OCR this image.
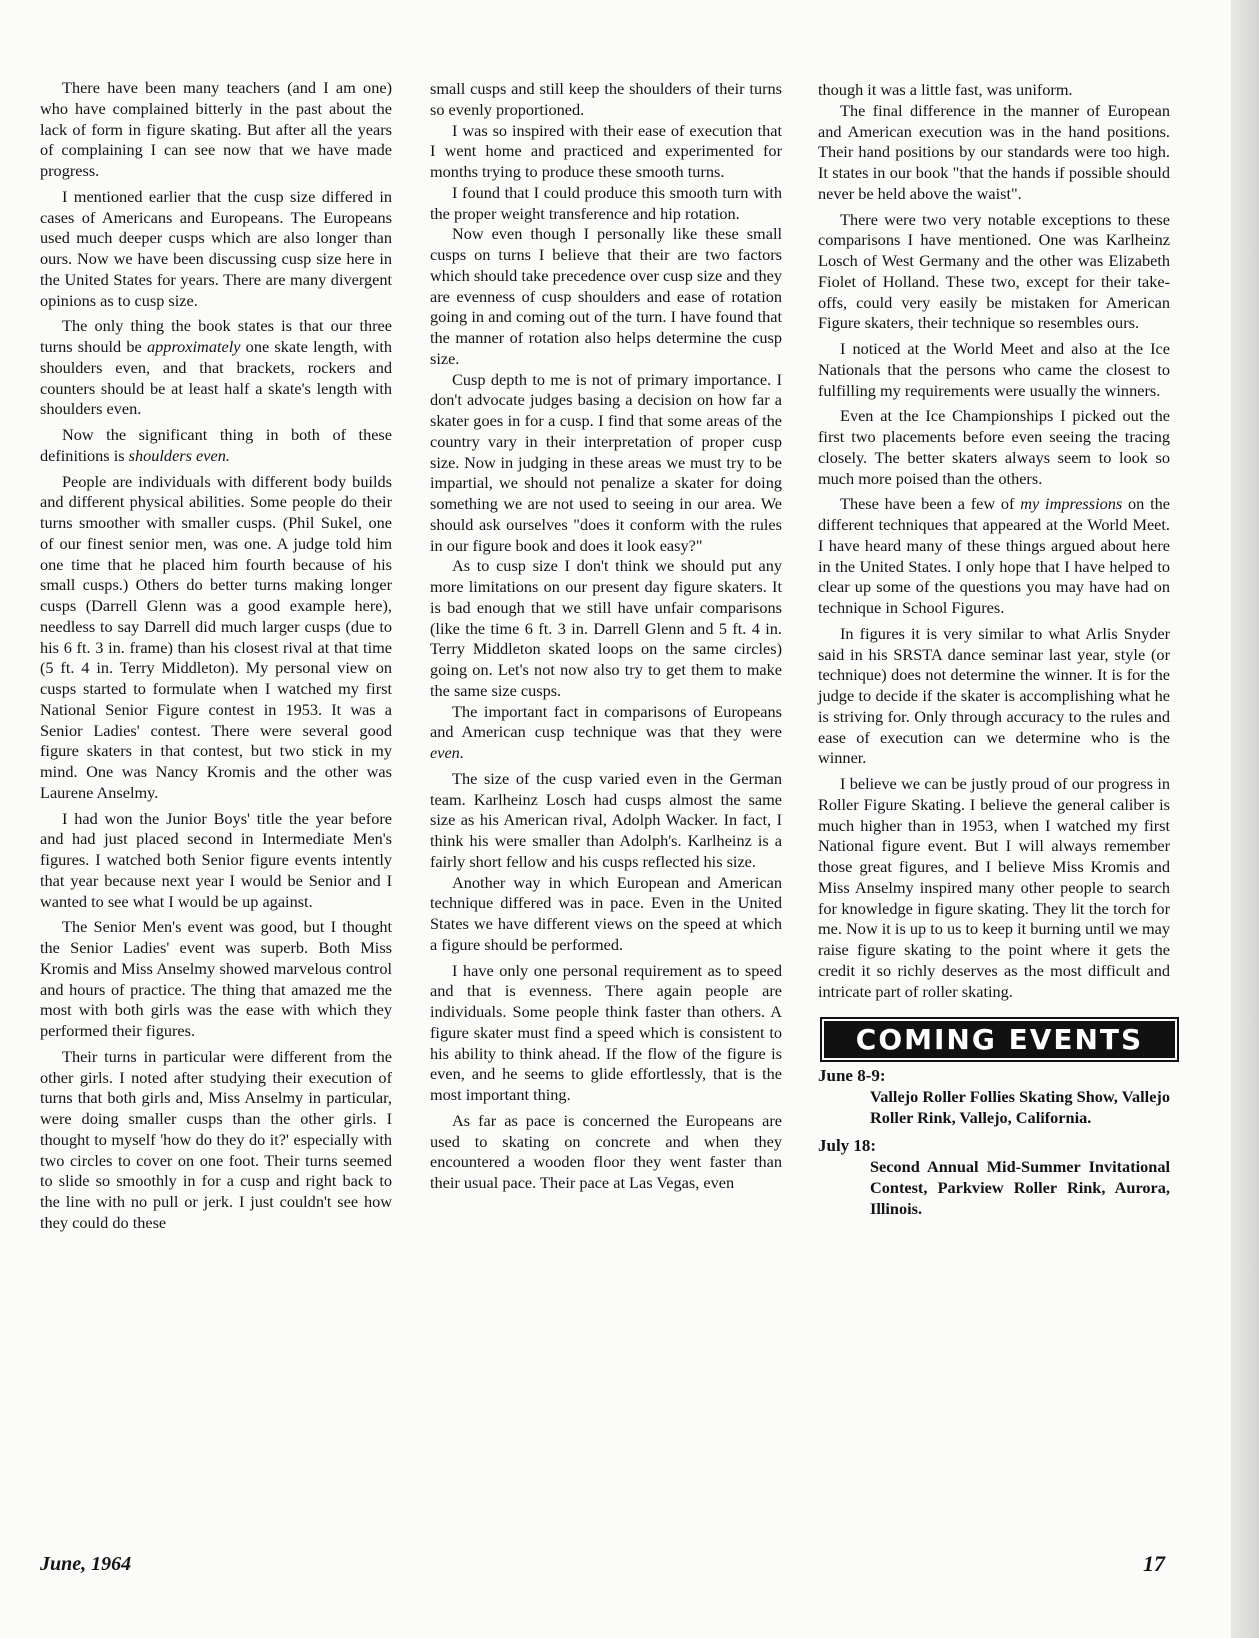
There have been many teachers (and I am one) who have complained bitterly in the past about the lack of form in figure skating. But after all the years of complaining I can see now that we have made progress.

I mentioned earlier that the cusp size differed in cases of Americans and Europeans. The Europeans used much deeper cusps which are also longer than ours. Now we have been discussing cusp size here in the United States for years. There are many divergent opinions as to cusp size.

The only thing the book states is that our three turns should be approximately one skate length, with shoulders even, and that brackets, rockers and counters should be at least half a skate's length with shoulders even.

Now the significant thing in both of these definitions is shoulders even.

People are individuals with different body builds and different physical abilities. Some people do their turns smoother with smaller cusps. (Phil Sukel, one of our finest senior men, was one. A judge told him one time that he placed him fourth because of his small cusps.) Others do better turns making longer cusps (Darrell Glenn was a good example here), needless to say Darrell did much larger cusps (due to his 6 ft. 3 in. frame) than his closest rival at that time (5 ft. 4 in. Terry Middleton). My personal view on cusps started to formulate when I watched my first National Senior Figure contest in 1953. It was a Senior Ladies' contest. There were several good figure skaters in that contest, but two stick in my mind. One was Nancy Kromis and the other was Laurene Anselmy.

I had won the Junior Boys' title the year before and had just placed second in Intermediate Men's figures. I watched both Senior figure events intently that year because next year I would be Senior and I wanted to see what I would be up against.

The Senior Men's event was good, but I thought the Senior Ladies' event was superb. Both Miss Kromis and Miss Anselmy showed marvelous control and hours of practice. The thing that amazed me the most with both girls was the ease with which they performed their figures.

Their turns in particular were different from the other girls. I noted after studying their execution of turns that both girls and, Miss Anselmy in particular, were doing smaller cusps than the other girls. I thought to myself 'how do they do it?' especially with two circles to cover on one foot. Their turns seemed to slide so smoothly in for a cusp and right back to the line with no pull or jerk. I just couldn't see how they could do these

small cusps and still keep the shoulders of their turns so evenly proportioned.

I was so inspired with their ease of execution that I went home and practiced and experimented for months trying to produce these smooth turns.

I found that I could produce this smooth turn with the proper weight transference and hip rotation.

Now even though I personally like these small cusps on turns I believe that their are two factors which should take precedence over cusp size and they are evenness of cusp shoulders and ease of rotation going in and coming out of the turn. I have found that the manner of rotation also helps determine the cusp size.

Cusp depth to me is not of primary importance. I don't advocate judges basing a decision on how far a skater goes in for a cusp. I find that some areas of the country vary in their interpretation of proper cusp size. Now in judging in these areas we must try to be impartial, we should not penalize a skater for doing something we are not used to seeing in our area. We should ask ourselves "does it conform with the rules in our figure book and does it look easy?"

As to cusp size I don't think we should put any more limitations on our present day figure skaters. It is bad enough that we still have unfair comparisons (like the time 6 ft. 3 in. Darrell Glenn and 5 ft. 4 in. Terry Middleton skated loops on the same circles) going on. Let's not now also try to get them to make the same size cusps.

The important fact in comparisons of Europeans and American cusp technique was that they were even.

The size of the cusp varied even in the German team. Karlheinz Losch had cusps almost the same size as his American rival, Adolph Wacker. In fact, I think his were smaller than Adolph's. Karlheinz is a fairly short fellow and his cusps reflected his size.

Another way in which European and American technique differed was in pace. Even in the United States we have different views on the speed at which a figure should be performed.

I have only one personal requirement as to speed and that is evenness. There again people are individuals. Some people think faster than others. A figure skater must find a speed which is consistent to his ability to think ahead. If the flow of the figure is even, and he seems to glide effortlessly, that is the most important thing.

As far as pace is concerned the Europeans are used to skating on concrete and when they encountered a wooden floor they went faster than their usual pace. Their pace at Las Vegas, even

though it was a little fast, was uniform.

The final difference in the manner of European and American execution was in the hand positions. Their hand positions by our standards were too high. It states in our book "that the hands if possible should never be held above the waist".

There were two very notable exceptions to these comparisons I have mentioned. One was Karlheinz Losch of West Germany and the other was Elizabeth Fiolet of Holland. These two, except for their take-offs, could very easily be mistaken for American Figure skaters, their technique so resembles ours.

I noticed at the World Meet and also at the Ice Nationals that the persons who came the closest to fulfilling my requirements were usually the winners.

Even at the Ice Championships I picked out the first two placements before even seeing the tracing closely. The better skaters always seem to look so much more poised than the others.

These have been a few of my impressions on the different techniques that appeared at the World Meet. I have heard many of these things argued about here in the United States. I only hope that I have helped to clear up some of the questions you may have had on technique in School Figures.

In figures it is very similar to what Arlis Snyder said in his SRSTA dance seminar last year, style (or technique) does not determine the winner. It is for the judge to decide if the skater is accomplishing what he is striving for. Only through accuracy to the rules and ease of execution can we determine who is the winner.

I believe we can be justly proud of our progress in Roller Figure Skating. I believe the general caliber is much higher than in 1953, when I watched my first National figure event. But I will always remember those great figures, and I believe Miss Kromis and Miss Anselmy inspired many other people to search for knowledge in figure skating. They lit the torch for me. Now it is up to us to keep it burning until we may raise figure skating to the point where it gets the credit it so richly deserves as the most difficult and intricate part of roller skating.

COMING EVENTS
June 8-9:
Vallejo Roller Follies Skating Show, Vallejo Roller Rink, Vallejo, California.
July 18:
Second Annual Mid-Summer Invitational Contest, Parkview Roller Rink, Aurora, Illinois.
June, 1964	17
